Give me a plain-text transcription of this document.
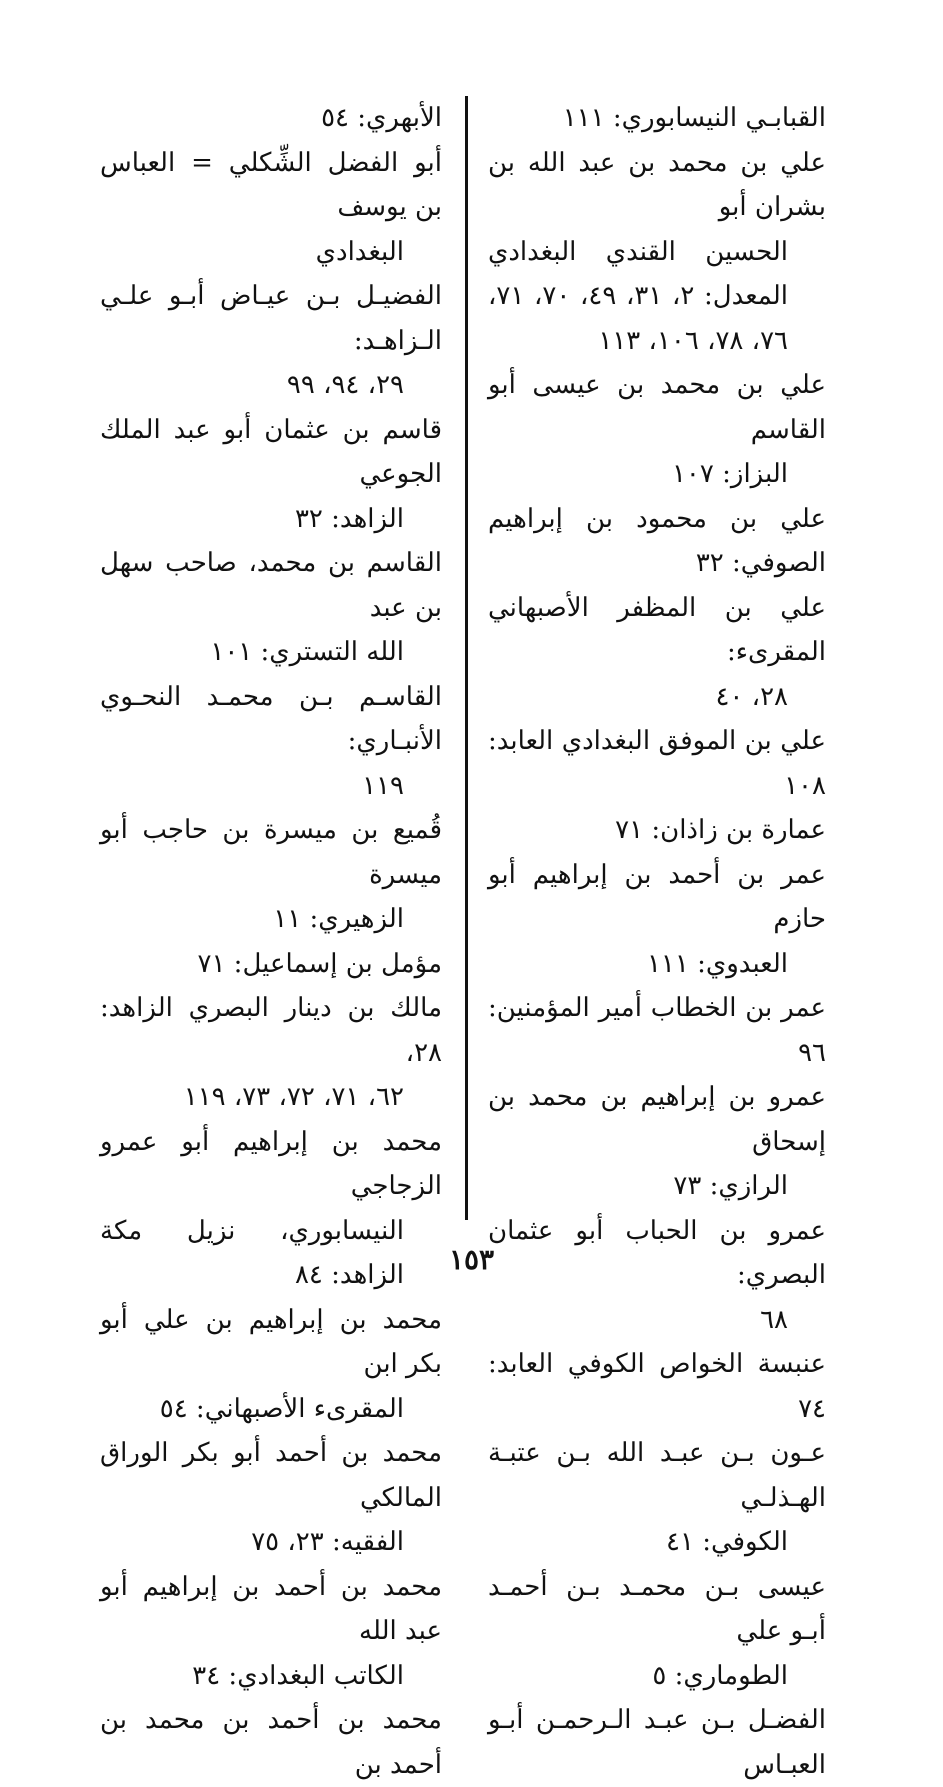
القبابـي النيسابوري: ١١١

علي بن محمد بن عبد الله بن بشران أبو
الحسين القندي البغدادي المعدل: ٢، ٣١، ٤٩، ٧٠، ٧١، ٧٦، ٧٨، ١٠٦، ١١٣

علي بن محمد بن عيسى أبو القاسم
البزاز: ١٠٧

علي بن محمود بن إبراهيم الصوفي: ٣٢

علي بن المظفر الأصبهاني المقرىء:
٢٨، ٤٠

علي بن الموفق البغدادي العابد: ١٠٨

عمارة بن زاذان: ٧١

عمر بن أحمد بن إبراهيم أبو حازم
العبدوي: ١١١

عمر بن الخطاب أمير المؤمنين: ٩٦

عمرو بن إبراهيم بن محمد بن إسحاق
الرازي: ٧٣

عمرو بن الحباب أبو عثمان البصري:
٦٨

عنبسة الخواص الكوفي العابد: ٧٤

عـون بـن عبـد الله بـن عتبـة الهـذلـي
الكوفي: ٤١

عيسى بـن محمـد بـن أحمـد أبـو علي
الطوماري: ٥

الفضـل بـن عبـد الـرحمـن أبـو العبـاس

الأبهري: ٥٤

أبو الفضل الشِّكلي = العباس بن يوسف
البغدادي

الفضيـل بـن عيـاض أبـو علـي الـزاهـد:
٢٩، ٩٤، ٩٩

قاسم بن عثمان أبو عبد الملك الجوعي
الزاهد: ٣٢

القاسم بن محمد، صاحب سهل بن عبد
الله التستري: ١٠١

القاسـم بـن محمـد النحـوي الأنبـاري:
١١٩

قُميع بن ميسرة بن حاجب أبو ميسرة
الزهيري: ١١

مؤمل بن إسماعيل: ٧١

مالك بن دينار البصري الزاهد: ٢٨،
٦٢، ٧١، ٧٢، ٧٣، ١١٩

محمد بن إبراهيم أبو عمرو الزجاجي
النيسابوري، نزيل مكة الزاهد: ٨٤

محمد بن إبراهيم بن علي أبو بكر ابن
المقرىء الأصبهاني: ٥٤

محمد بن أحمد أبو بكر الوراق المالكي
الفقيه: ٢٣، ٧٥

محمد بن أحمد بن إبراهيم أبو عبد الله
الكاتب البغدادي: ٣٤

محمد بن أحمد بن محمد بن أحمد بن

١٥٣
